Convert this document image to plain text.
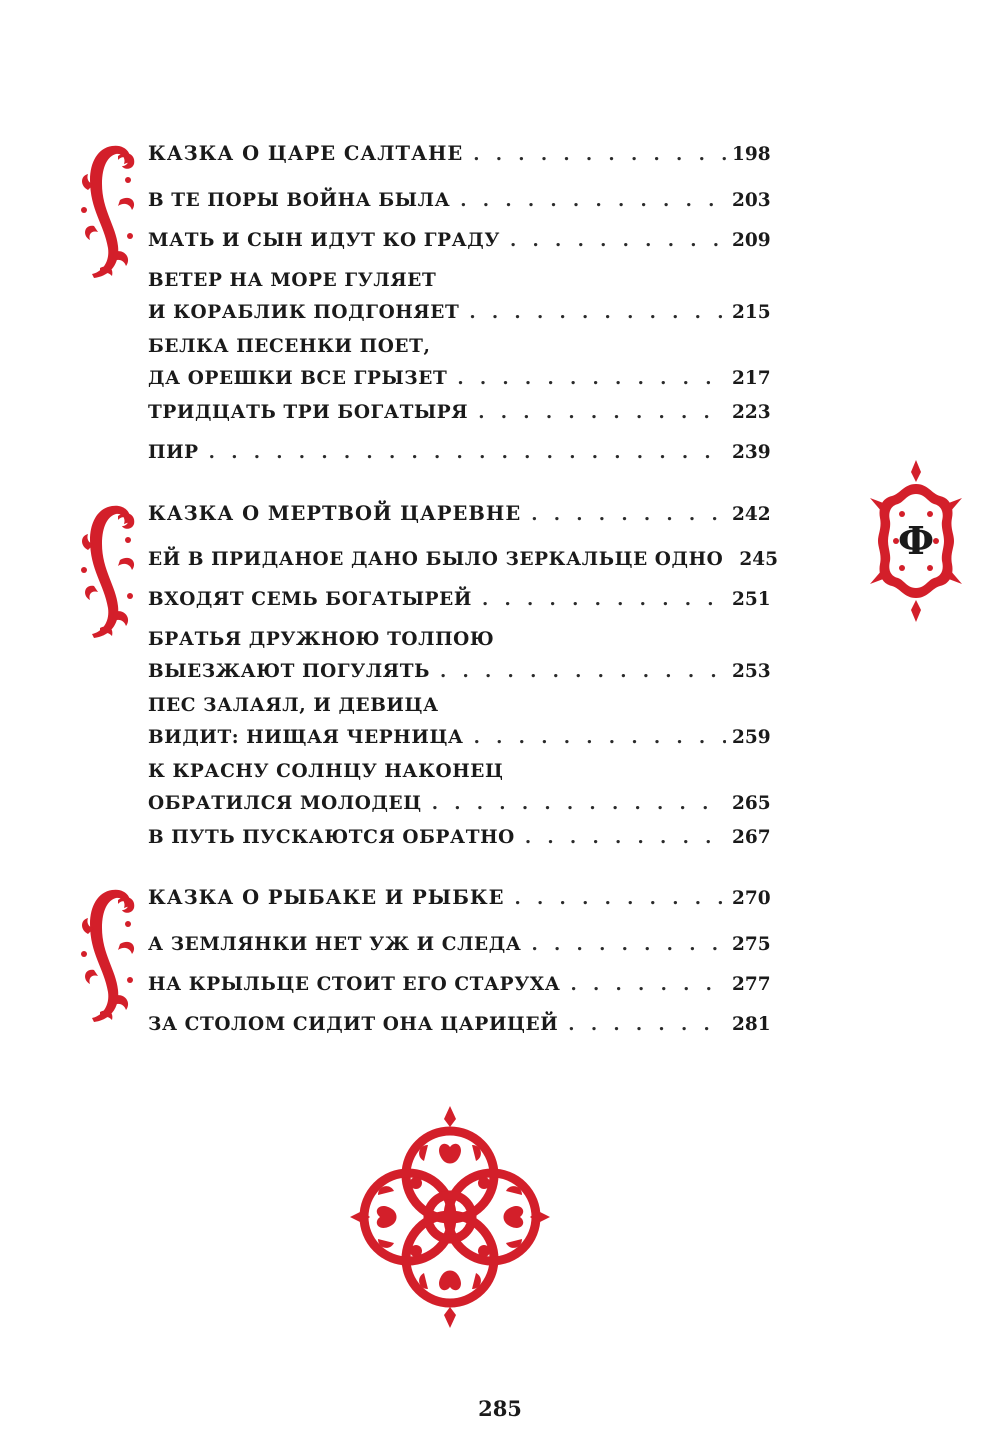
КАЗКА О ЦАРЕ САЛТАНЕ . . .	198
В ТЕ ПОРЫ ВОЙНА БЫЛА . . .	203
МАТЬ И СЫН ИДУТ КО ГРАДУ . . .	209
ВЕТЕР НА МОРЕ ГУЛЯЕТ
И КОРАБЛИК ПОДГОНЯЕТ . . .	215
БЕЛКА ПЕСЕНКИ ПОЕТ,
ДА ОРЕШКИ ВСЕ ГРЫЗЕТ . . .	217
ТРИДЦАТЬ ТРИ БОГАТЫРЯ . . .	223
ПИР . . .	239
КАЗКА О МЕРТВОЙ ЦАРЕВНЕ . . .	242
ЕЙ В ПРИДАНОЕ ДАНО БЫЛО ЗЕРКАЛЬЦЕ ОДНО 245
ВХОДЯТ СЕМЬ БОГАТЫРЕЙ . . .	251
БРАТЬЯ ДРУЖНОЮ ТОЛПОЮ
ВЫЕЗЖАЮТ ПОГУЛЯТЬ . . .	253
ПЕС ЗАЛАЯЛ, И ДЕВИЦА
ВИДИТ: НИЩАЯ ЧЕРНИЦА . . .	259
К КРАСНУ СОЛНЦУ НАКОНЕЦ
ОБРАТИЛСЯ МОЛОДЕЦ . . .	265
В ПУТЬ ПУСКАЮТСЯ ОБРАТНО . . .	267
КАЗКА О РЫБАКЕ И РЫБКЕ . . .	270
А ЗЕМЛЯНКИ НЕТ УЖ И СЛЕДА . . .	275
НА КРЫЛЬЦЕ СТОИТ ЕГО СТАРУХА . . .	277
ЗА СТОЛОМ СИДИТ ОНА ЦАРИЦЕЙ . . .	281
Ф
285
